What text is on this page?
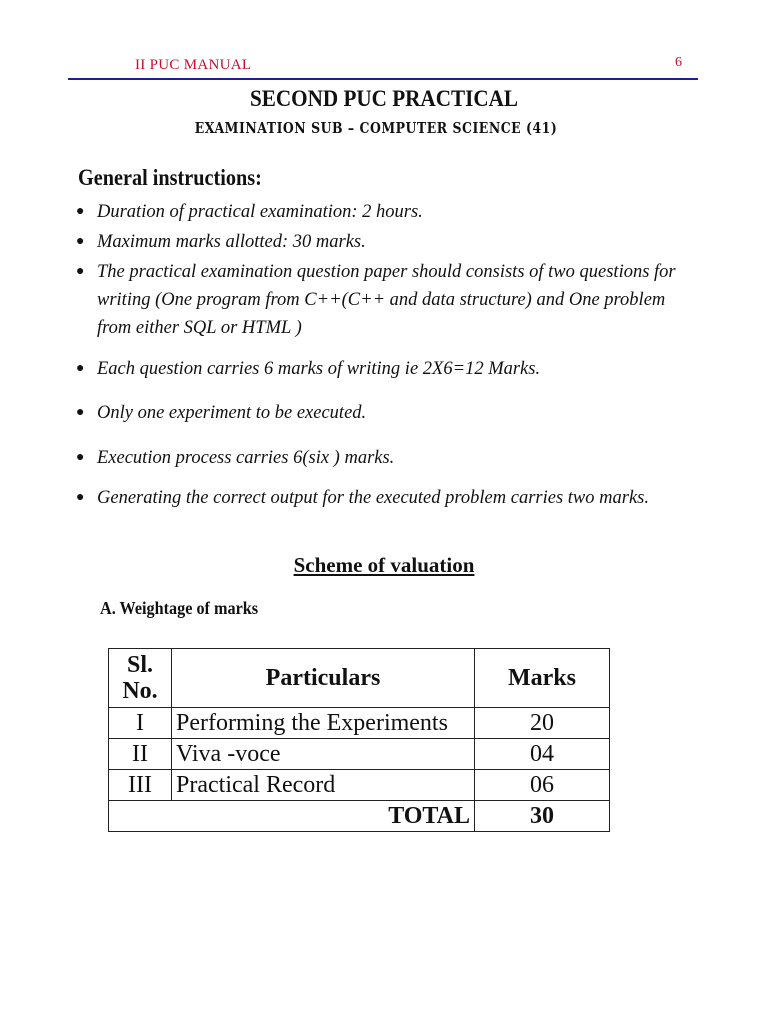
II PUC MANUAL	6
SECOND PUC PRACTICAL
EXAMINATION SUB – COMPUTER SCIENCE (41)
General instructions:
● Duration of practical examination: 2 hours.
● Maximum marks allotted: 30 marks.
● The practical examination question paper should consists of two questions for writing (One program from C++(C++ and data structure) and One problem from either SQL or HTML )
● Each question carries 6 marks of writing ie 2X6=12 Marks.
● Only one experiment to be executed.
● Execution process carries 6(six ) marks.
● Generating the correct output for the executed problem carries two marks.
Scheme of valuation
A. Weightage of marks
Sl.
No.	Particulars	Marks
I	Performing the Experiments	20
II	Viva -voce	04
III	Practical Record	06
TOTAL		30
